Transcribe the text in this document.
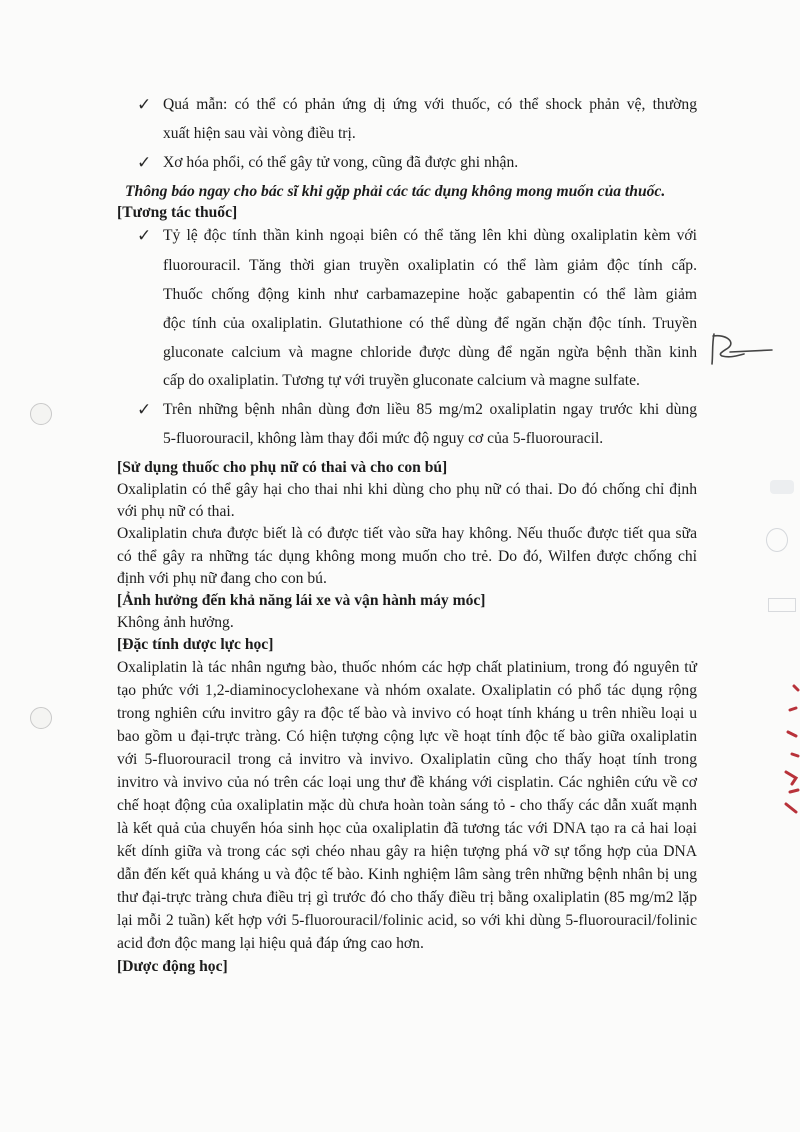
✓ Quá mẫn: có thể có phản ứng dị ứng với thuốc, có thể shock phản vệ, thường
xuất hiện sau vài vòng điều trị.
✓ Xơ hóa phổi, có thể gây tử vong, cũng đã được ghi nhận.
Thông báo ngay cho bác sĩ khi gặp phải các tác dụng không mong muốn của thuốc.
[Tương tác thuốc]
✓ Tỷ lệ độc tính thần kinh ngoại biên có thể tăng lên khi dùng oxaliplatin kèm với
fluorouracil. Tăng thời gian truyền oxaliplatin có thể làm giảm độc tính cấp.
Thuốc chống động kinh như carbamazepine hoặc gabapentin có thể làm giảm
độc tính của oxaliplatin. Glutathione có thể dùng để ngăn chặn độc tính. Truyền
gluconate calcium và magne chloride được dùng để ngăn ngừa bệnh thần kinh
cấp do oxaliplatin. Tương tự với truyền gluconate calcium và magne sulfate.
✓ Trên những bệnh nhân dùng đơn liều 85 mg/m2 oxaliplatin ngay trước khi dùng
5-fluorouracil, không làm thay đổi mức độ nguy cơ của 5-fluorouracil.
[Sử dụng thuốc cho phụ nữ có thai và cho con bú]
Oxaliplatin có thể gây hại cho thai nhi khi dùng cho phụ nữ có thai. Do đó chống chỉ định
với phụ nữ có thai.
Oxaliplatin chưa được biết là có được tiết vào sữa hay không. Nếu thuốc được tiết qua sữa
có thể gây ra những tác dụng không mong muốn cho trẻ. Do đó, Wilfen được chống chỉ
định với phụ nữ đang cho con bú.
[Ảnh hưởng đến khả năng lái xe và vận hành máy móc]
Không ảnh hưởng.
[Đặc tính dược lực học]
Oxaliplatin là tác nhân ngưng bào, thuốc nhóm các hợp chất platinium, trong đó nguyên tử
tạo phức với 1,2-diaminocyclohexane và nhóm oxalate. Oxaliplatin có phổ tác dụng rộng
trong nghiên cứu invitro gây ra độc tế bào và invivo có hoạt tính kháng u trên nhiều loại u
bao gồm u đại-trực tràng. Có hiện tượng cộng lực về hoạt tính độc tế bào giữa oxaliplatin
với 5-fluorouracil trong cả invitro và invivo. Oxaliplatin cũng cho thấy hoạt tính trong
invitro và invivo của nó trên các loại ung thư đề kháng với cisplatin. Các nghiên cứu về cơ
chế hoạt động của oxaliplatin mặc dù chưa hoàn toàn sáng tỏ - cho thấy các dẫn xuất mạnh
là kết quả của chuyển hóa sinh học của oxaliplatin đã tương tác với DNA tạo ra cả hai loại
kết dính giữa và trong các sợi chéo nhau gây ra hiện tượng phá vỡ sự tổng hợp của DNA
dẫn đến kết quả kháng u và độc tế bào. Kinh nghiệm lâm sàng trên những bệnh nhân bị ung
thư đại-trực tràng chưa điều trị gì trước đó cho thấy điều trị bằng oxaliplatin (85 mg/m2 lặp
lại mỗi 2 tuần) kết hợp với 5-fluorouracil/folinic acid, so với khi dùng 5-fluorouracil/folinic
acid đơn độc mang lại hiệu quả đáp ứng cao hơn.
[Dược động học]
